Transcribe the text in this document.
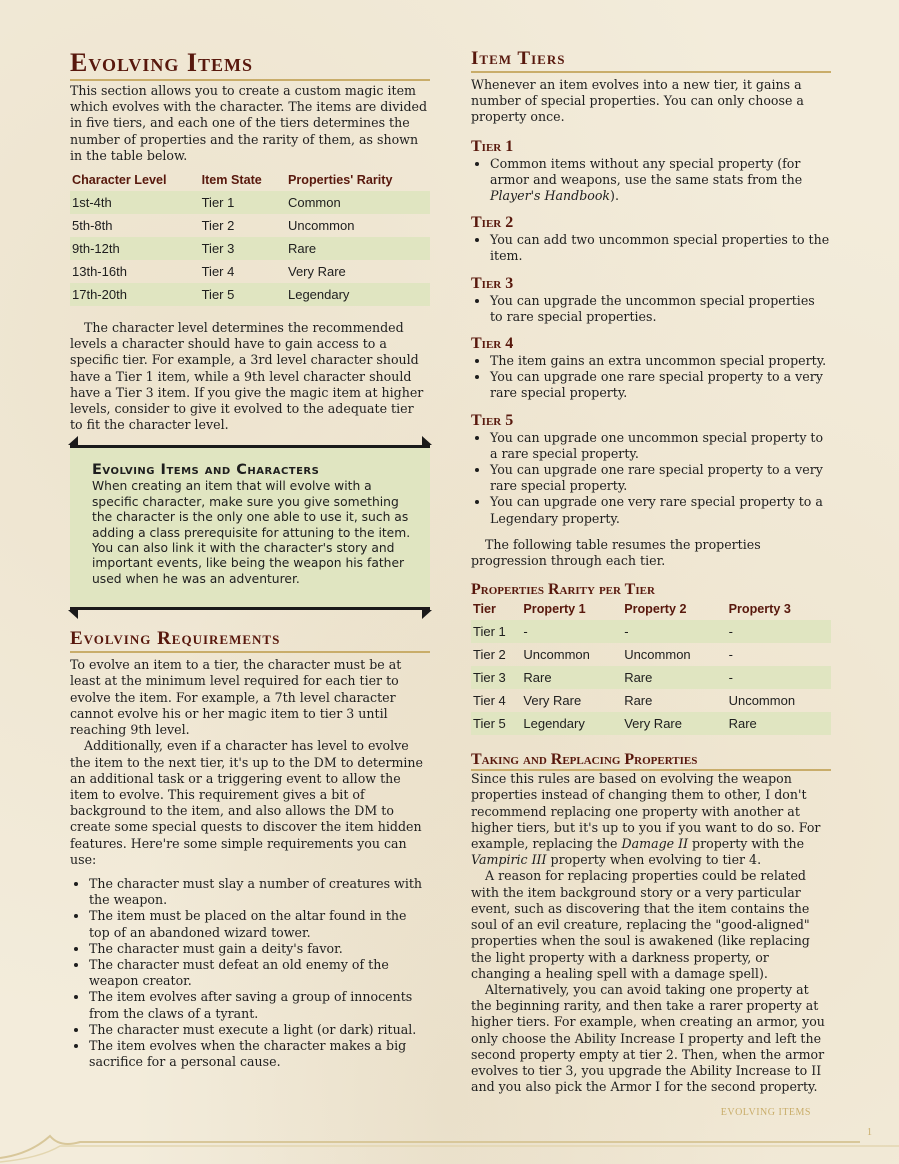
Evolving Items

This section allows you to create a custom magic item which evolves with the character. The items are divided in five tiers, and each one of the tiers determines the number of properties and the rarity of them, as shown in the table below.

Character Level	Item State	Properties' Rarity
1st-4th	Tier 1	Common
5th-8th	Tier 2	Uncommon
9th-12th	Tier 3	Rare
13th-16th	Tier 4	Very Rare
17th-20th	Tier 5	Legendary

The character level determines the recommended levels a character should have to gain access to a specific tier. For example, a 3rd level character should have a Tier 1 item, while a 9th level character should have a Tier 3 item. If you give the magic item at higher levels, consider to give it evolved to the adequate tier to fit the character level.

Evolving Items and Characters

When creating an item that will evolve with a specific character, make sure you give something the character is the only one able to use it, such as adding a class prerequisite for attuning to the item. You can also link it with the character's story and important events, like being the weapon his father used when he was an adventurer.

Evolving Requirements

To evolve an item to a tier, the character must be at least at the minimum level required for each tier to evolve the item. For example, a 7th level character cannot evolve his or her magic item to tier 3 until reaching 9th level.

Additionally, even if a character has level to evolve the item to the next tier, it's up to the DM to determine an additional task or a triggering event to allow the item to evolve. This requirement gives a bit of background to the item, and also allows the DM to create some special quests to discover the item hidden features. Here're some simple requirements you can use:

• The character must slay a number of creatures with the weapon.
• The item must be placed on the altar found in the top of an abandoned wizard tower.
• The character must gain a deity's favor.
• The character must defeat an old enemy of the weapon creator.
• The item evolves after saving a group of innocents from the claws of a tyrant.
• The character must execute a light (or dark) ritual.
• The item evolves when the character makes a big sacrifice for a personal cause.
Item Tiers

Whenever an item evolves into a new tier, it gains a number of special properties. You can only choose a property once.

Tier 1
• Common items without any special property (for armor and weapons, use the same stats from the Player's Handbook).
Tier 2
• You can add two uncommon special properties to the item.
Tier 3
• You can upgrade the uncommon special properties to rare special properties.
Tier 4
• The item gains an extra uncommon special property.
• You can upgrade one rare special property to a very rare special property.
Tier 5
• You can upgrade one uncommon special property to a rare special property.
• You can upgrade one rare special property to a very rare special property.
• You can upgrade one very rare special property to a Legendary property.

The following table resumes the properties progression through each tier.

Properties Rarity per Tier
Tier	Property 1	Property 2	Property 3
Tier 1	-	-	-
Tier 2	Uncommon	Uncommon	-
Tier 3	Rare	Rare	-
Tier 4	Very Rare	Rare	Uncommon
Tier 5	Legendary	Very Rare	Rare
Taking and Replacing Properties

Since this rules are based on evolving the weapon properties instead of changing them to other, I don't recommend replacing one property with another at higher tiers, but it's up to you if you want to do so. For example, replacing the Damage II property with the Vampiric III property when evolving to tier 4.

A reason for replacing properties could be related with the item background story or a very particular event, such as discovering that the item contains the soul of an evil creature, replacing the "good-aligned" properties when the soul is awakened (like replacing the light property with a darkness property, or changing a healing spell with a damage spell).

Alternatively, you can avoid taking one property at the beginning rarity, and then take a rarer property at higher tiers. For example, when creating an armor, you only choose the Ability Increase I property and left the second property empty at tier 2. Then, when the armor evolves to tier 3, you upgrade the Ability Increase to II and you also pick the Armor I for the second property.

EVOLVING ITEMS
1
